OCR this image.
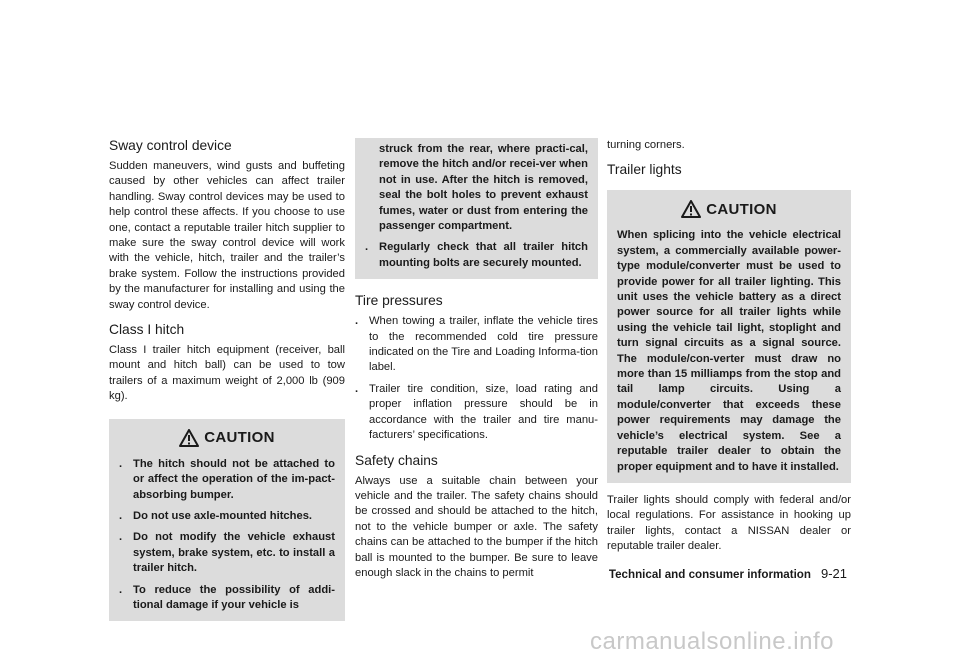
Sway control device

Sudden maneuvers, wind gusts and buffeting caused by other vehicles can affect trailer handling. Sway control devices may be used to help control these affects. If you choose to use one, contact a reputable trailer hitch supplier to make sure the sway control device will work with the vehicle, hitch, trailer and the trailer’s brake system. Follow the instructions provided by the manufacturer for installing and using the sway control device.

Class I hitch

Class I trailer hitch equipment (receiver, ball mount and hitch ball) can be used to tow trailers of a maximum weight of 2,000 lb (909 kg).

CAUTION
. The hitch should not be attached to or affect the operation of the im-pact-absorbing bumper.
. Do not use axle-mounted hitches.
. Do not modify the vehicle exhaust system, brake system, etc. to install a trailer hitch.
. To reduce the possibility of addi-tional damage if your vehicle is
struck from the rear, where practi-cal, remove the hitch and/or recei-ver when not in use. After the hitch is removed, seal the bolt holes to prevent exhaust fumes, water or dust from entering the passenger compartment.
. Regularly check that all trailer hitch mounting bolts are securely mounted.
Tire pressures
. When towing a trailer, inflate the vehicle tires to the recommended cold tire pressure indicated on the Tire and Loading Informa-tion label.
. Trailer tire condition, size, load rating and proper inflation pressure should be in accordance with the trailer and tire manu-facturers’ specifications.
Safety chains

Always use a suitable chain between your vehicle and the trailer. The safety chains should be crossed and should be attached to the hitch, not to the vehicle bumper or axle. The safety chains can be attached to the bumper if the hitch ball is mounted to the bumper. Be sure to leave enough slack in the chains to permit

turning corners.

Trailer lights
CAUTION

When splicing into the vehicle electrical system, a commercially available power-type module/converter must be used to provide power for all trailer lighting. This unit uses the vehicle battery as a direct power source for all trailer lights while using the vehicle tail light, stoplight and turn signal circuits as a signal source. The module/con-verter must draw no more than 15 milliamps from the stop and tail lamp circuits. Using a module/converter that exceeds these power requirements may damage the vehicle’s electrical system. See a reputable trailer dealer to obtain the proper equipment and to have it installed.

Trailer lights should comply with federal and/or local regulations. For assistance in hooking up trailer lights, contact a NISSAN dealer or reputable trailer dealer.

Technical and consumer information 9-21
carmanualsonline.info
